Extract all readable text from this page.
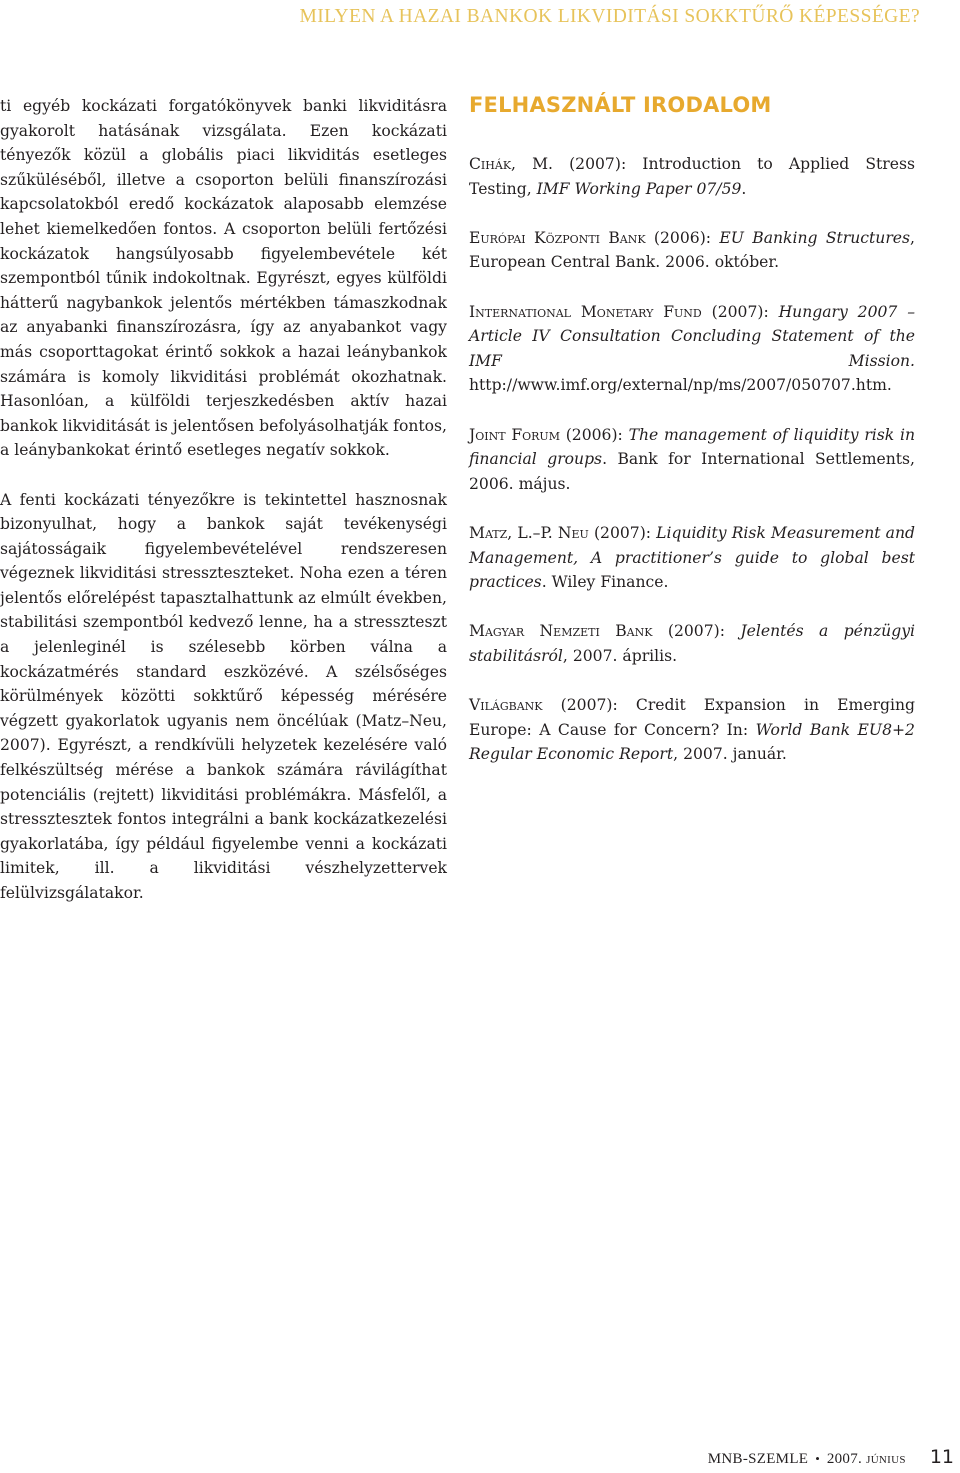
MILYEN A HAZAI BANKOK LIKVIDITÁSI SOKKTŰRŐ KÉPESSÉGE?

ti egyéb kockázati forgatókönyvek banki likviditásra gyakorolt hatásának vizsgálata. Ezen kockázati tényezők közül a globális piaci likviditás esetleges szűküléséből, illetve a csoporton belüli finanszírozási kapcsolatokból eredő kockázatok alaposabb elemzése lehet kiemelkedően fontos. A csoporton belüli fertőzési kockázatok hangsúlyosabb figyelembevétele két szempontból tűnik indokoltnak. Egyrészt, egyes külföldi hátterű nagybankok jelentős mértékben támaszkodnak az anyabanki finanszírozásra, így az anyabankot vagy más csoporttagokat érintő sokkok a hazai leánybankok számára is komoly likviditási problémát okozhatnak. Hasonlóan, a külföldi terjeszkedésben aktív hazai bankok likviditását is jelentősen befolyásolhatják fontos, a leánybankokat érintő esetleges negatív sokkok.

A fenti kockázati tényezőkre is tekintettel hasznosnak bizonyulhat, hogy a bankok saját tevékenységi sajátosságaik figyelembevételével rendszeresen végeznek likviditási stresszteszteket. Noha ezen a téren jelentős előrelépést tapasztalhattunk az elmúlt években, stabilitási szempontból kedvező lenne, ha a stresszteszt a jelenleginél is szélesebb körben válna a kockázatmérés standard eszközévé. A szélsőséges körülmények közötti sokktűrő képesség mérésére végzett gyakorlatok ugyanis nem öncélúak (Matz–Neu, 2007). Egyrészt, a rendkívüli helyzetek kezelésére való felkészültség mérése a bankok számára rávilágíthat potenciális (rejtett) likviditási problémákra. Másfelől, a stressztesztek fontos integrálni a bank kockázatkezelési gyakorlatába, így például figyelembe venni a kockázati limitek, ill. a likviditási vészhelyzettervek felülvizsgálatakor.

FELHASZNÁLT IRODALOM

Cihák, M. (2007): Introduction to Applied Stress Testing, IMF Working Paper 07/59.

Európai Központi Bank (2006): EU Banking Structures, European Central Bank. 2006. október.

International Monetary Fund (2007): Hungary 2007 – Article IV Consultation Concluding Statement of the IMF Mission. http://www.imf.org/external/np/ms/2007/050707.htm.

Joint Forum (2006): The management of liquidity risk in financial groups. Bank for International Settlements, 2006. május.

Matz, L.–P. Neu (2007): Liquidity Risk Measurement and Management, A practitioner’s guide to global best practices. Wiley Finance.

Magyar Nemzeti Bank (2007): Jelentés a pénzügyi stabilitásról, 2007. április.

Világbank (2007): Credit Expansion in Emerging Europe: A Cause for Concern? In: World Bank EU8+2 Regular Economic Report, 2007. január.

MNB-SZEMLE • 2007. június 11
